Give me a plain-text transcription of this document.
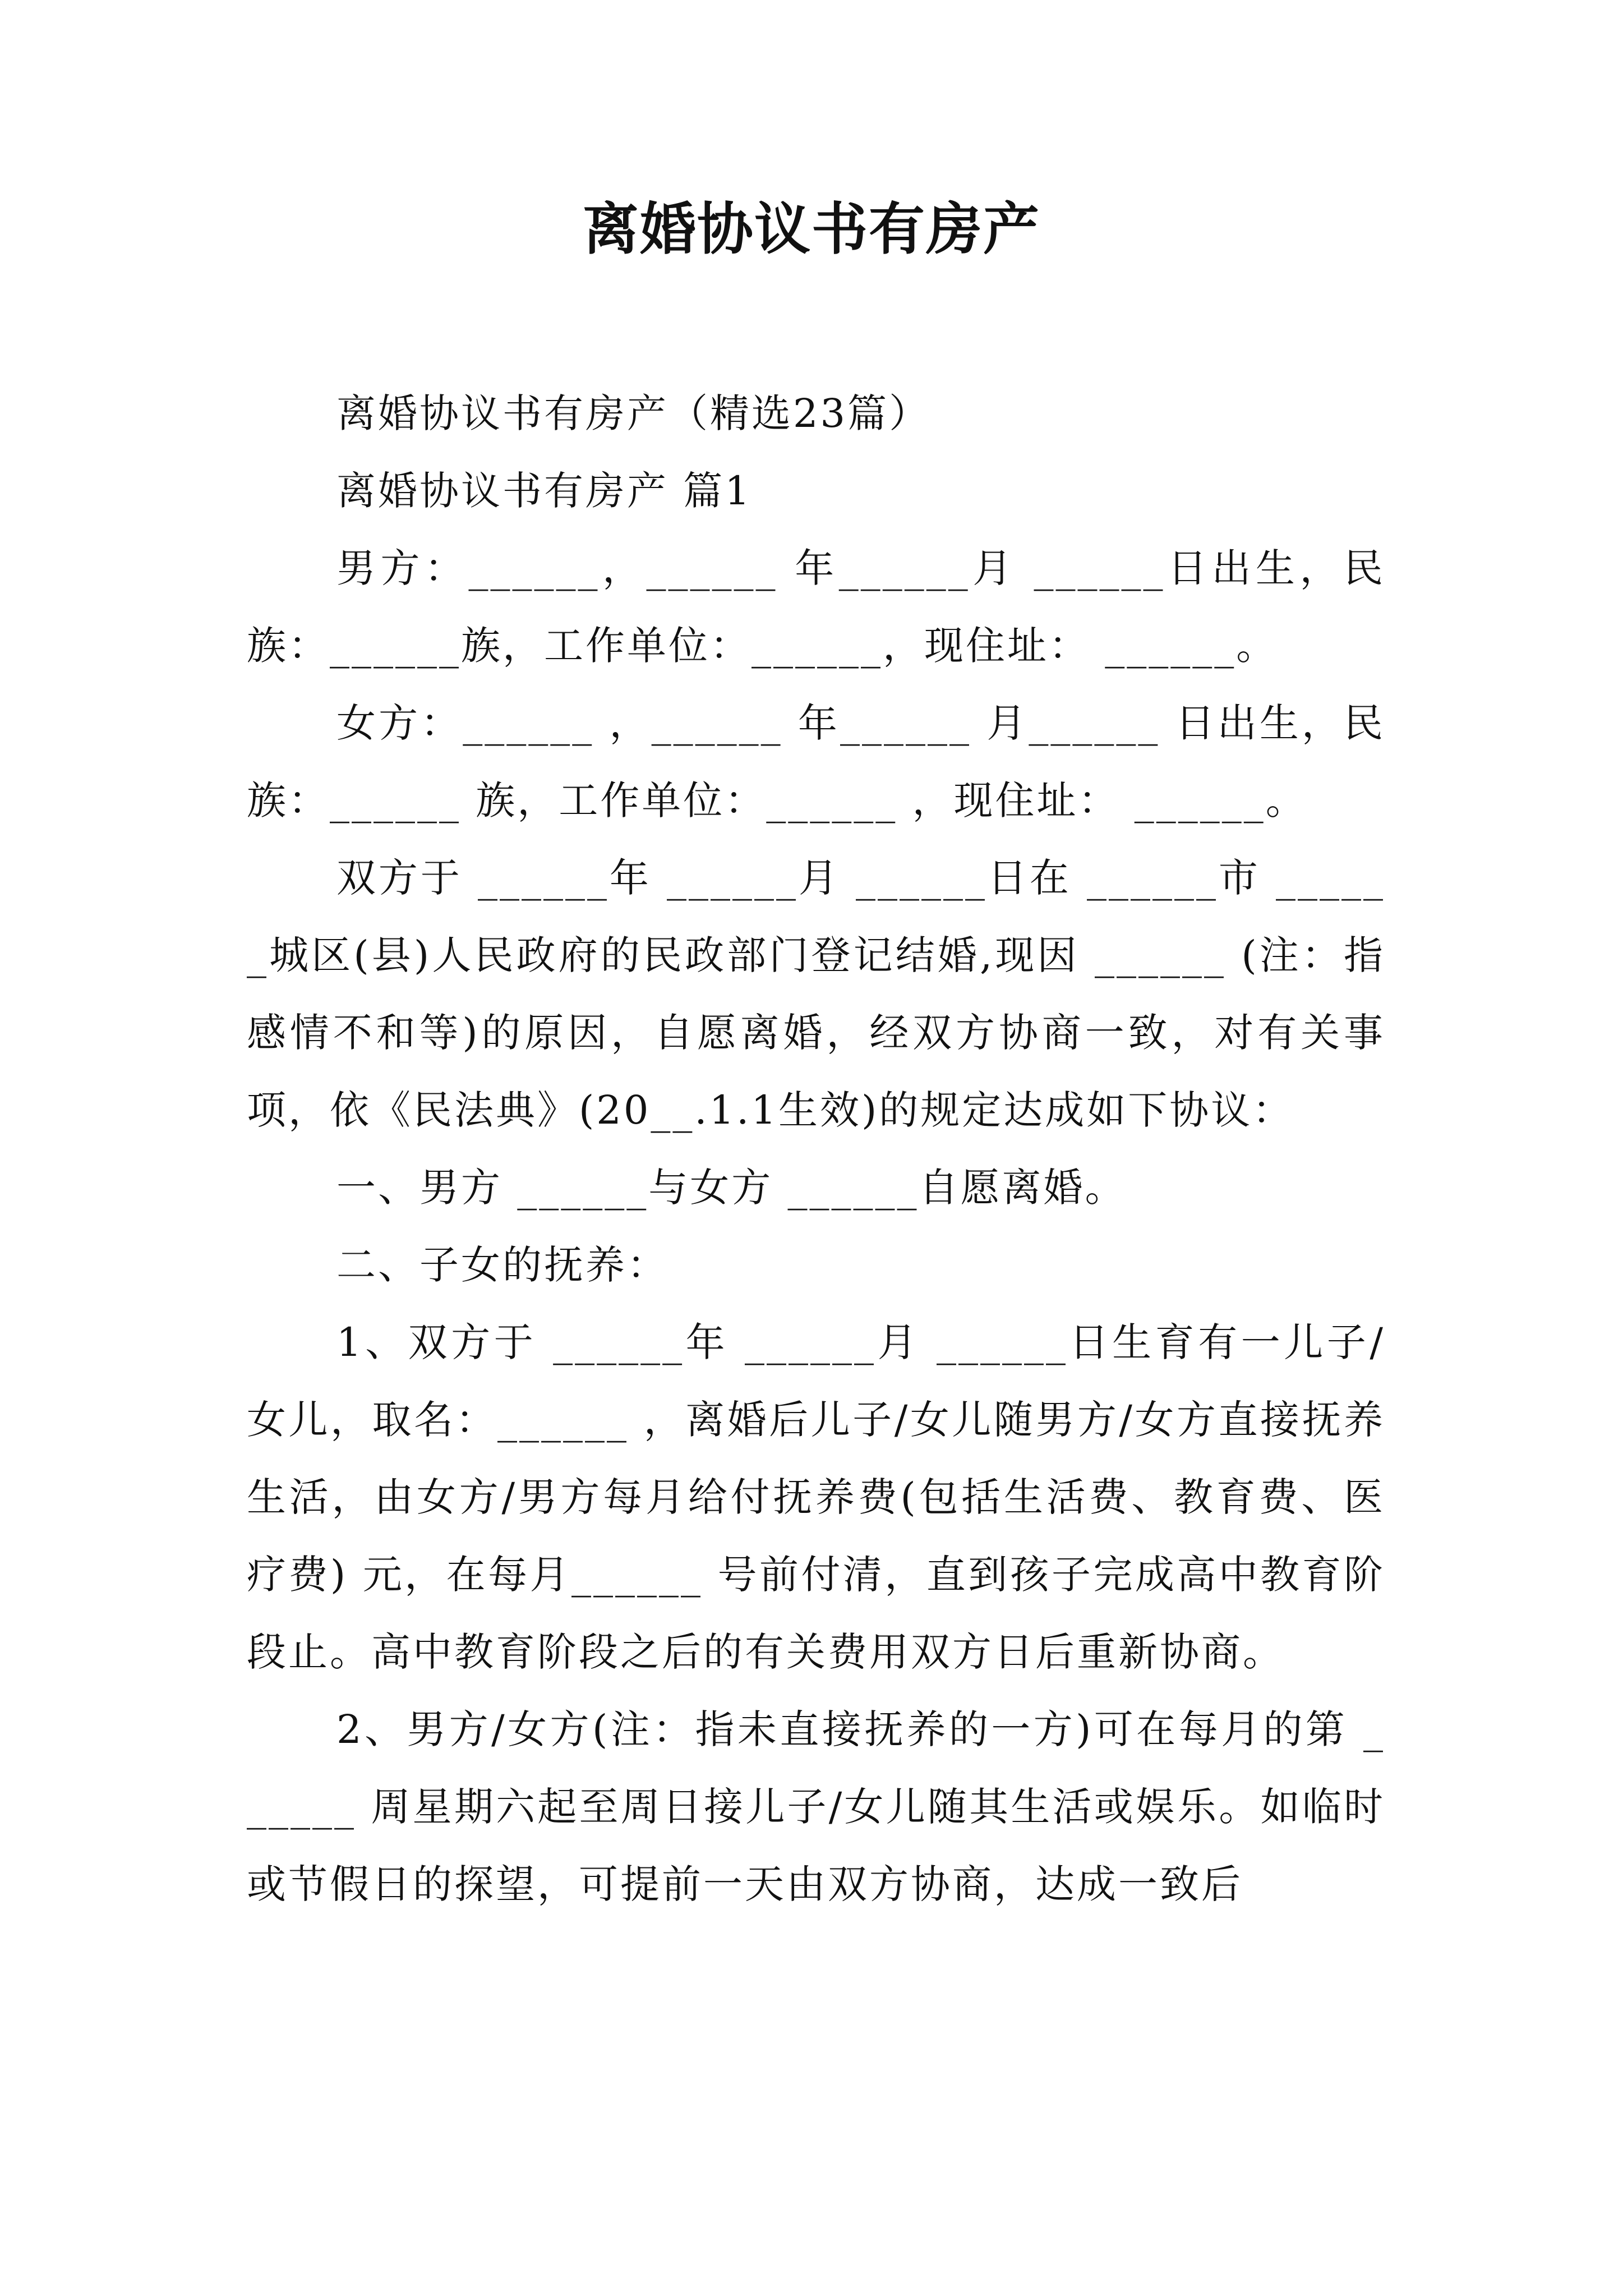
离婚协议书有房产

离婚协议书有房产（精选23篇）

离婚协议书有房产 篇1

男方：______，______ 年______月 ______日出生，民族：______族，工作单位：______，现住址： ______。

女方：______ ，______ 年______ 月______ 日出生，民族：______ 族，工作单位：______ ，现住址： ______。

双方于 ______年 ______月 ______日在 ______市 ______城区(县)人民政府的民政部门登记结婚,现因 ______ (注：指感情不和等)的原因，自愿离婚，经双方协商一致，对有关事项，依《民法典》(20__.1.1生效)的规定达成如下协议：

一、男方 ______与女方 ______自愿离婚。

二、子女的抚养：

1、双方于 ______年 ______月 ______日生育有一儿子/女儿，取名：______ ，离婚后儿子/女儿随男方/女方直接抚养生活，由女方/男方每月给付抚养费(包括生活费、教育费、医疗费) 元，在每月______ 号前付清，直到孩子完成高中教育阶段止。高中教育阶段之后的有关费用双方日后重新协商。

2、男方/女方(注：指未直接抚养的一方)可在每月的第 ______ 周星期六起至周日接儿子/女儿随其生活或娱乐。如临时或节假日的探望，可提前一天由双方协商，达成一致后
